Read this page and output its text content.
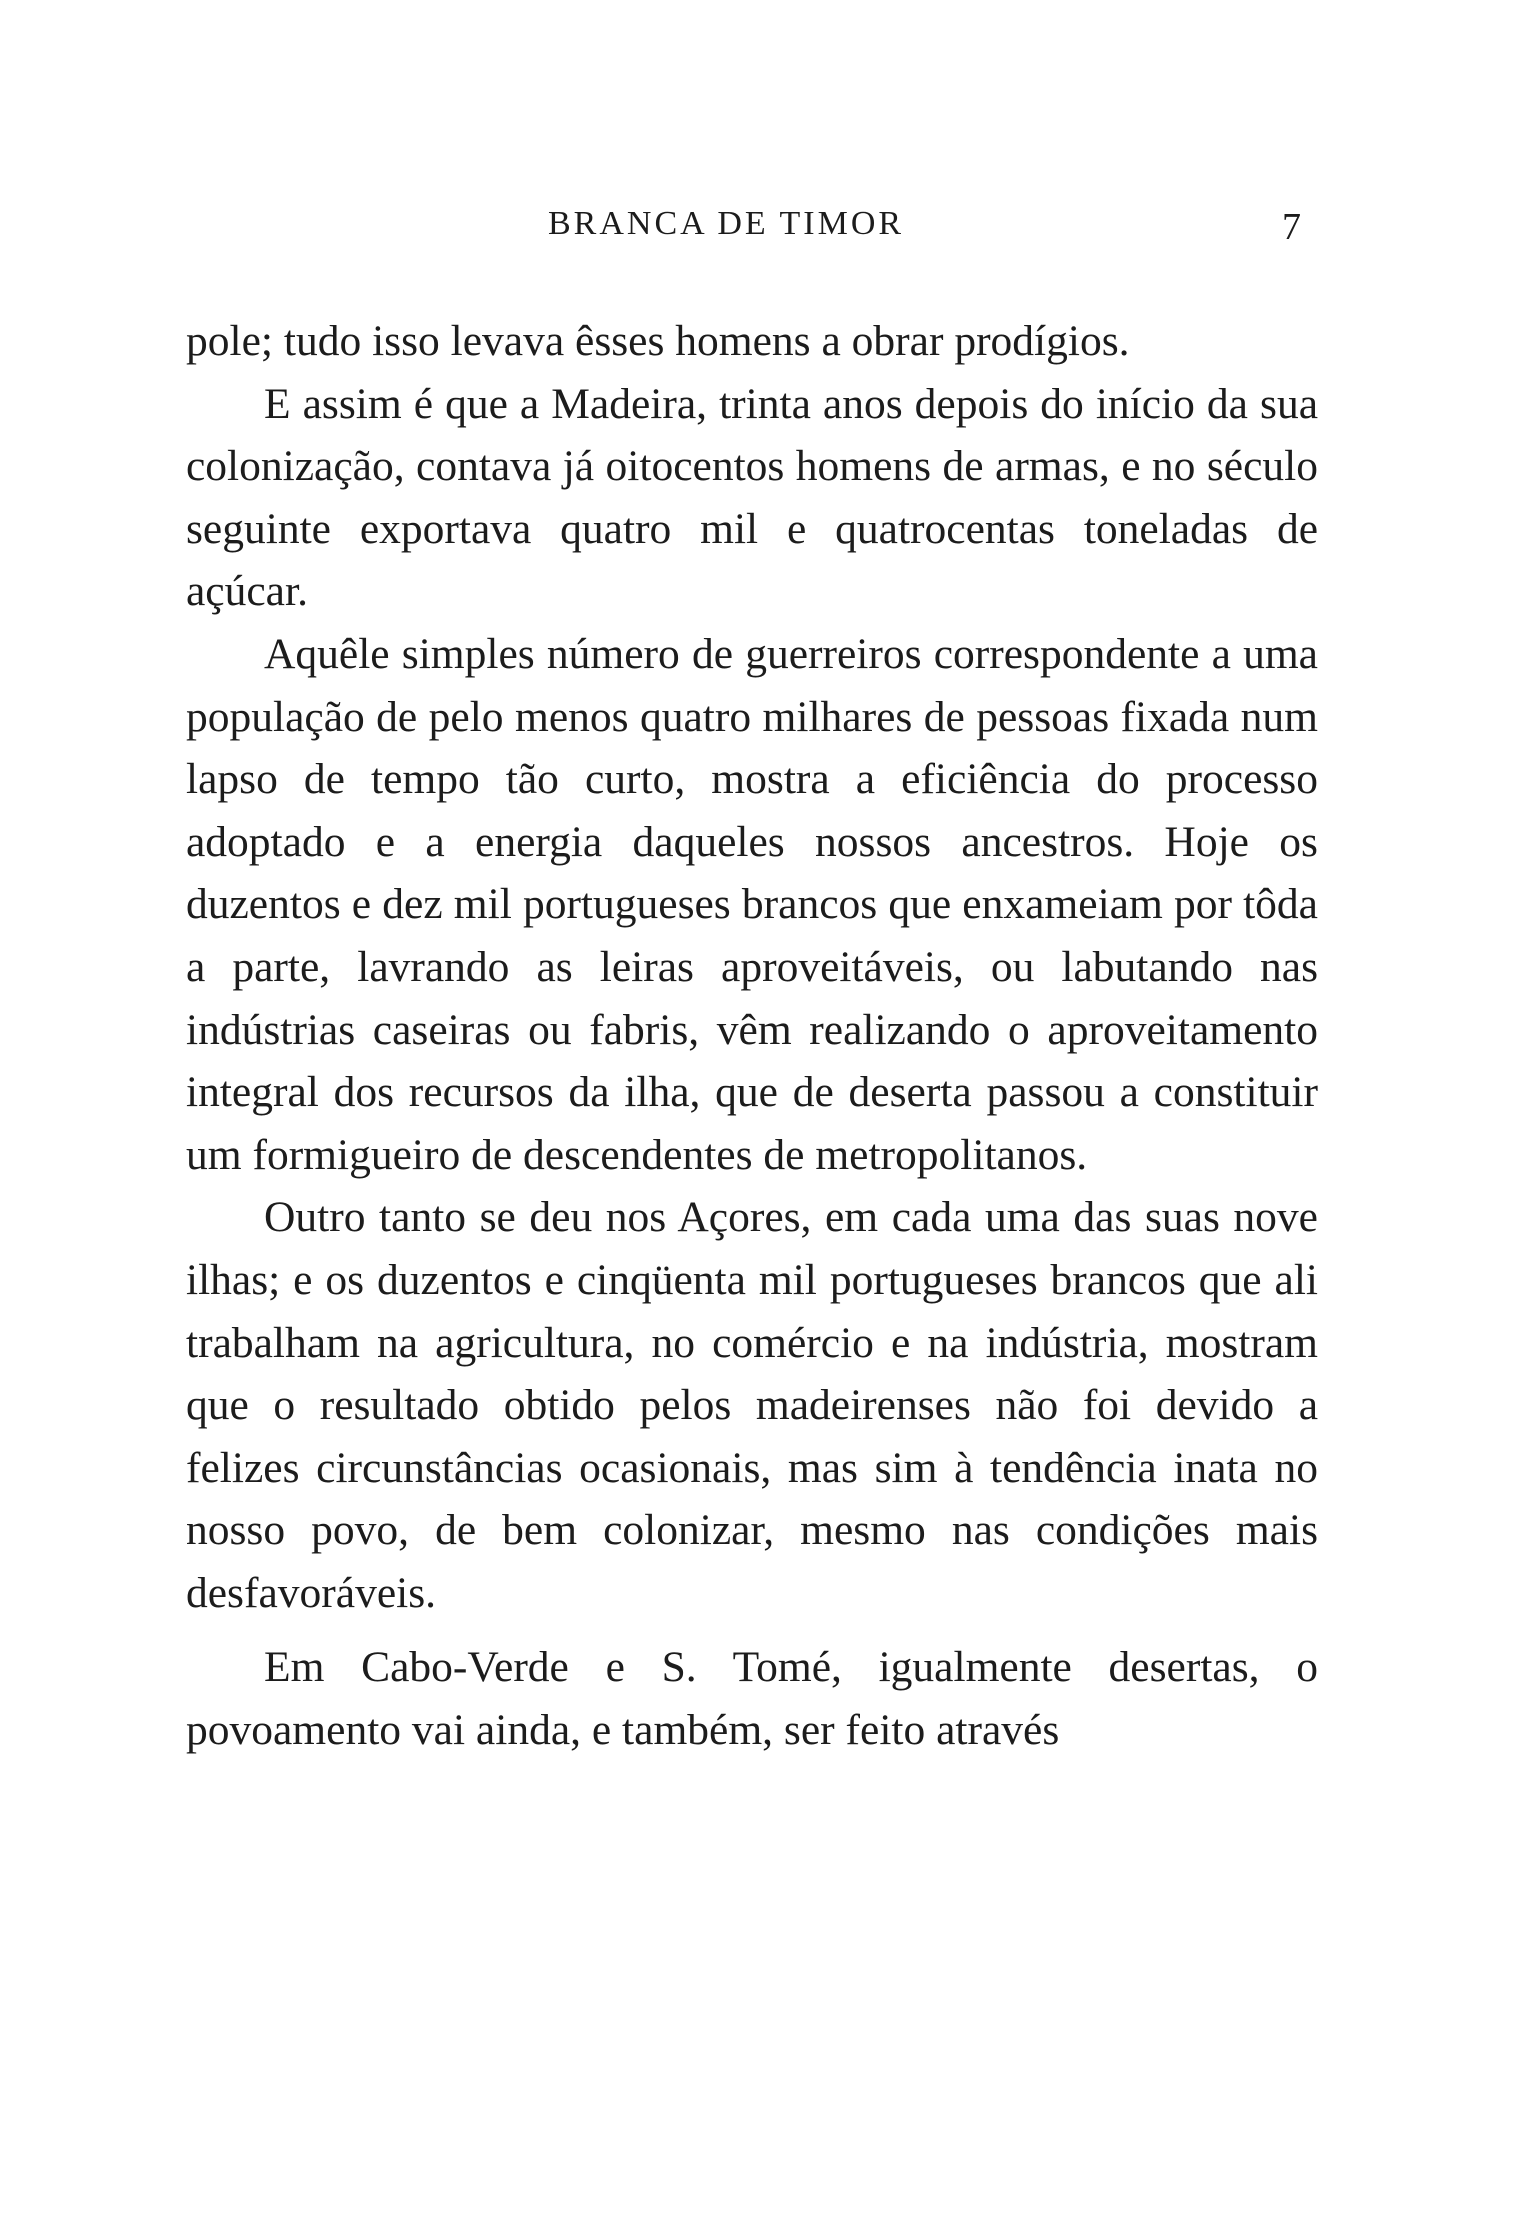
BRANCA DE TIMOR	7

pole; tudo isso levava êsses homens a obrar prodígios.

E assim é que a Madeira, trinta anos depois do início da sua colonização, contava já oitocentos homens de armas, e no século seguinte exportava quatro mil e quatrocentas toneladas de açúcar.

Aquêle simples número de guerreiros correspondente a uma população de pelo menos quatro milhares de pessoas fixada num lapso de tempo tão curto, mostra a eficiência do processo adoptado e a energia daqueles nossos ancestros. Hoje os duzentos e dez mil portugueses brancos que enxameiam por tôda a parte, lavrando as leiras aproveitáveis, ou labutando nas indústrias caseiras ou fabris, vêm realizando o aproveitamento integral dos recursos da ilha, que de deserta passou a constituir um formigueiro de descendentes de metropolitanos.

Outro tanto se deu nos Açores, em cada uma das suas nove ilhas; e os duzentos e cinqüenta mil portugueses brancos que ali trabalham na agricultura, no comércio e na indústria, mostram que o resultado obtido pelos madeirenses não foi devido a felizes circunstâncias ocasionais, mas sim à tendência inata no nosso povo, de bem colonizar, mesmo nas condições mais desfavoráveis.

Em Cabo-Verde e S. Tomé, igualmente desertas, o povoamento vai ainda, e também, ser feito através
